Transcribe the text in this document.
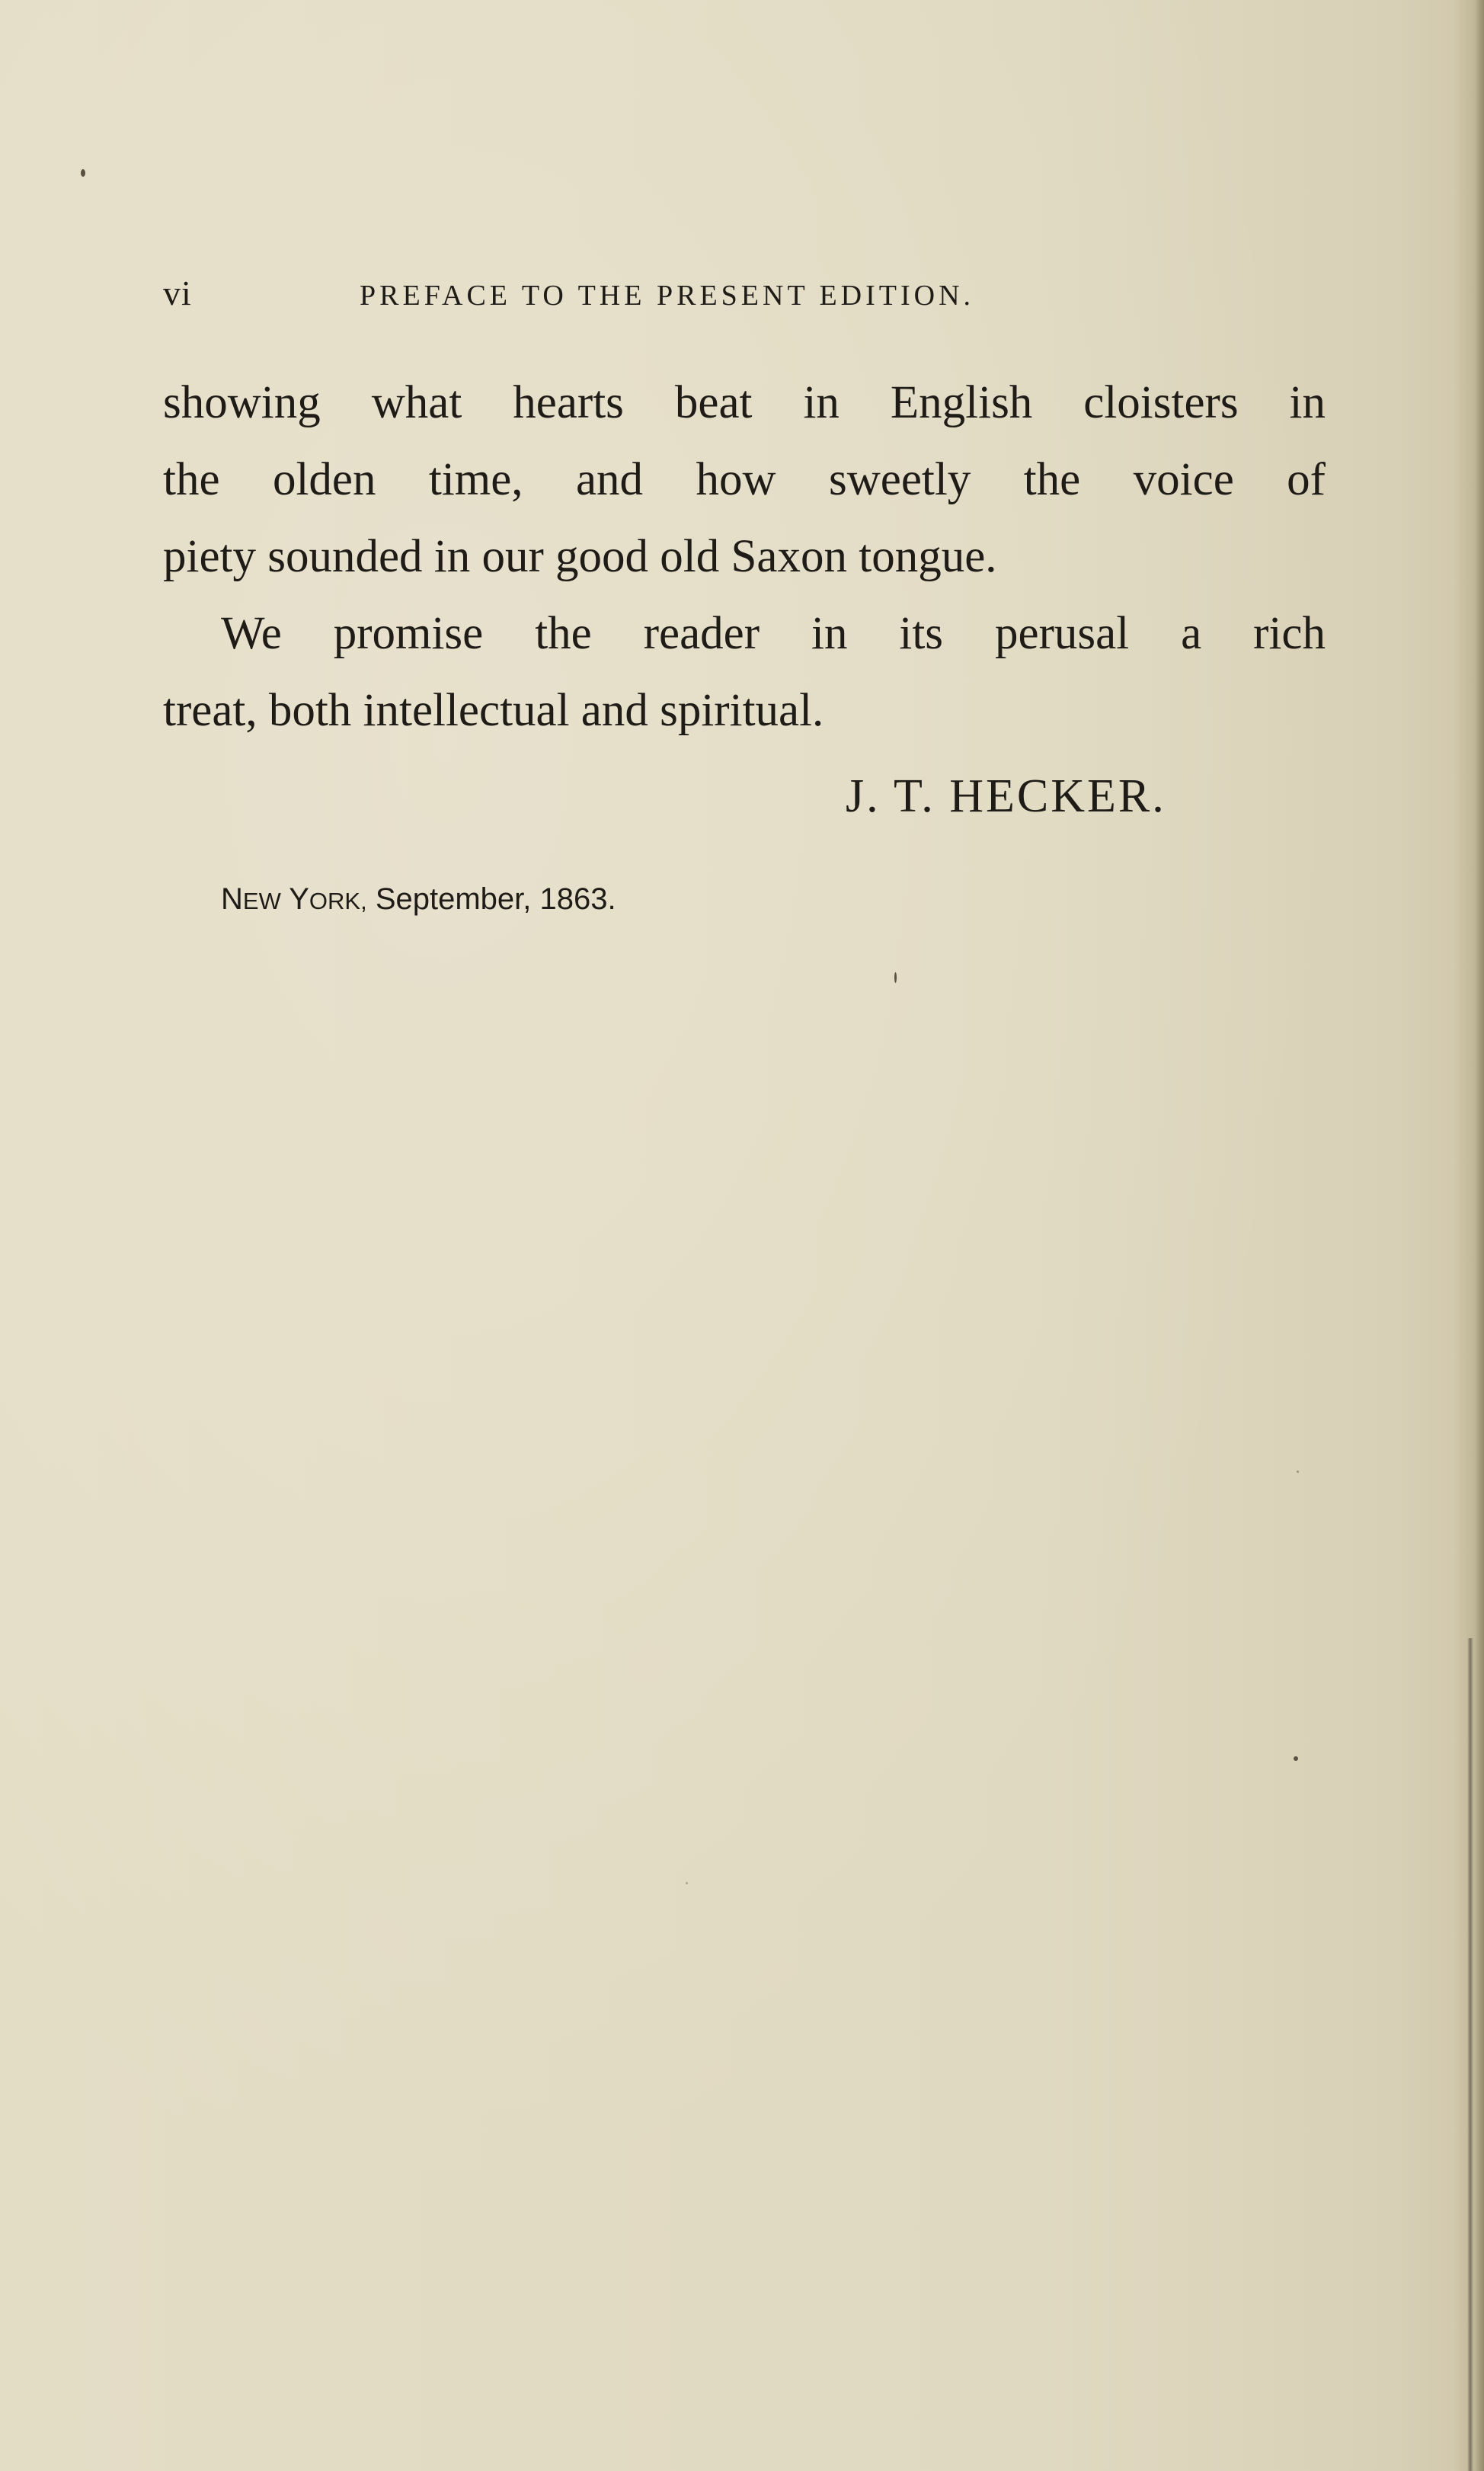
vi	PREFACE TO THE PRESENT EDITION.
showing what hearts beat in English cloisters in
the olden time, and how sweetly the voice of
piety sounded in our good old Saxon tongue.
We promise the reader in its perusal a rich
treat, both intellectual and spiritual.
J. T. HECKER.
NEW YORK, September, 1863.
